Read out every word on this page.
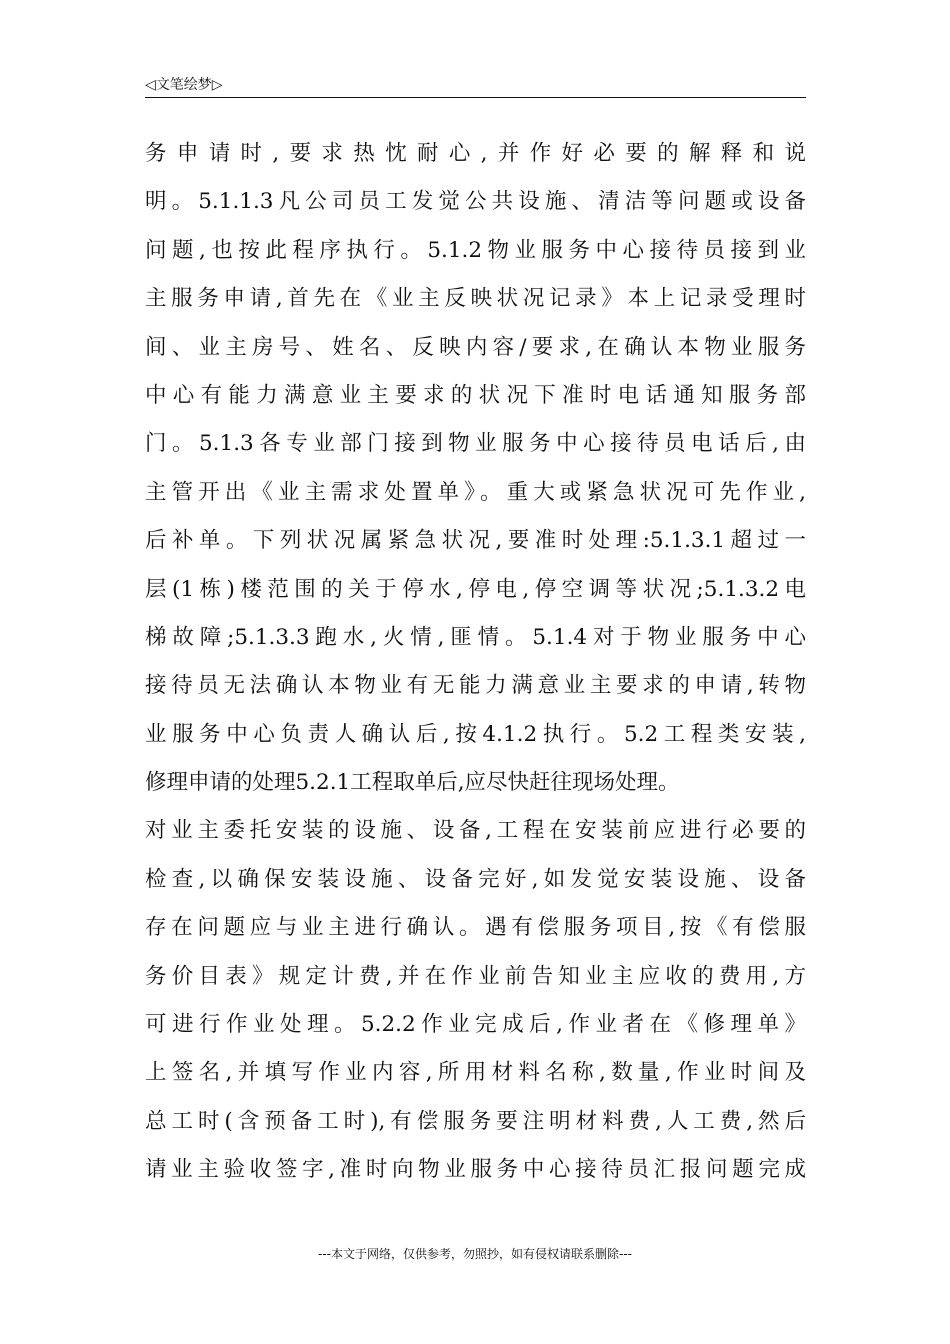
◁文笔绘梦▷
务申请时,要求热忱耐心,并作好必要的解释和说
明。5.1.1.3凡公司员工发觉公共设施、清洁等问题或设备
问题,也按此程序执行。5.1.2物业服务中心接待员接到业
主服务申请,首先在《业主反映状况记录》本上记录受理时
间、业主房号、姓名、反映内容/要求,在确认本物业服务
中心有能力满意业主要求的状况下准时电话通知服务部
门。5.1.3各专业部门接到物业服务中心接待员电话后,由
主管开出《业主需求处置单》。重大或紧急状况可先作业,
后补单。下列状况属紧急状况,要准时处理:5.1.3.1超过一
层(1栋)楼范围的关于停水,停电,停空调等状况;5.1.3.2电
梯故障;5.1.3.3跑水,火情,匪情。5.1.4对于物业服务中心
接待员无法确认本物业有无能力满意业主要求的申请,转物
业服务中心负责人确认后,按4.1.2执行。5.2工程类安装,
修理申请的处理5.2.1工程取单后,应尽快赶往现场处理。
对业主委托安装的设施、设备,工程在安装前应进行必要的
检查,以确保安装设施、设备完好,如发觉安装设施、设备
存在问题应与业主进行确认。遇有偿服务项目,按《有偿服
务价目表》规定计费,并在作业前告知业主应收的费用,方
可进行作业处理。5.2.2作业完成后,作业者在《修理单》
上签名,并填写作业内容,所用材料名称,数量,作业时间及
总工时(含预备工时),有偿服务要注明材料费,人工费,然后
请业主验收签字,准时向物业服务中心接待员汇报问题完成
---本文于网络，仅供参考，勿照抄，如有侵权请联系删除---
